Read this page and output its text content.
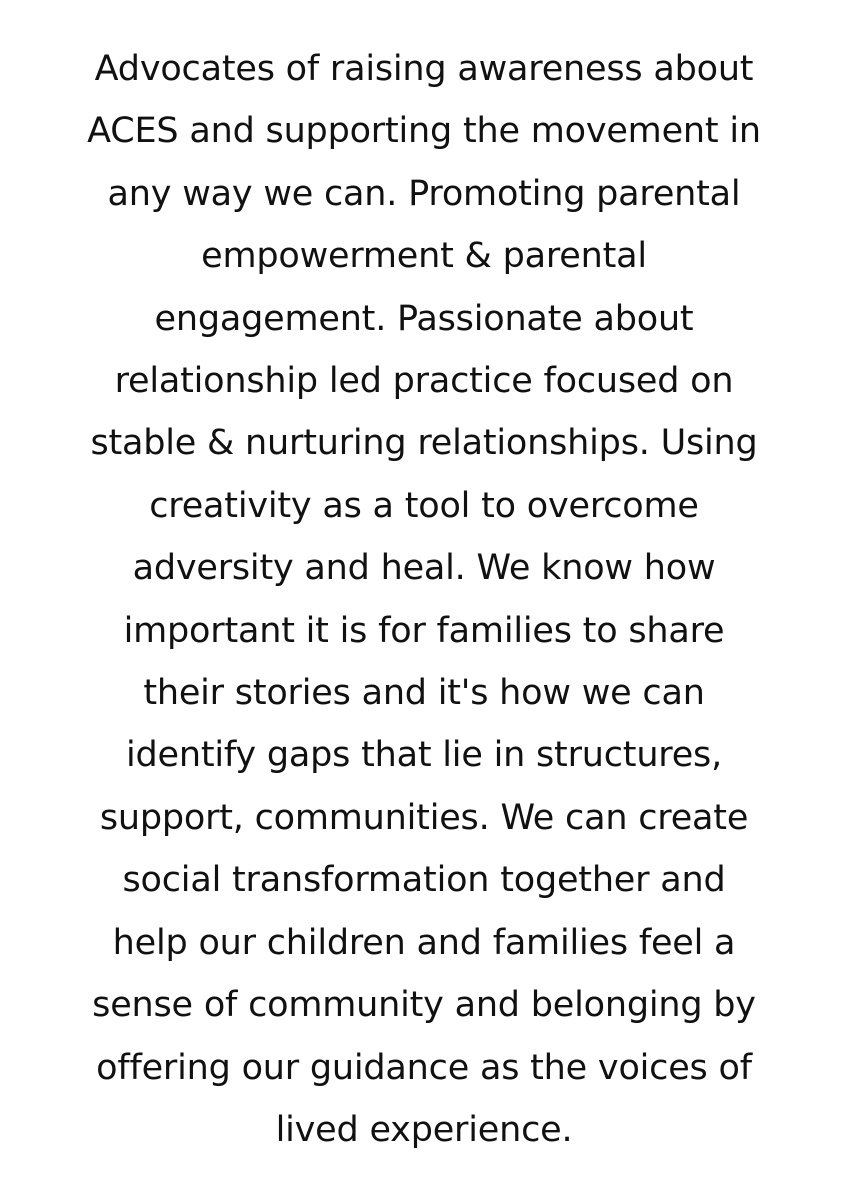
Advocates of raising awareness about
ACES and supporting the movement in
any way we can. Promoting parental
empowerment & parental
engagement. Passionate about
relationship led practice focused on
stable & nurturing relationships. Using
creativity as a tool to overcome
adversity and heal. We know how
important it is for families to share
their stories and it's how we can
identify gaps that lie in structures,
support, communities. We can create
social transformation together and
help our children and families feel a
sense of community and belonging by
offering our guidance as the voices of
lived experience.
